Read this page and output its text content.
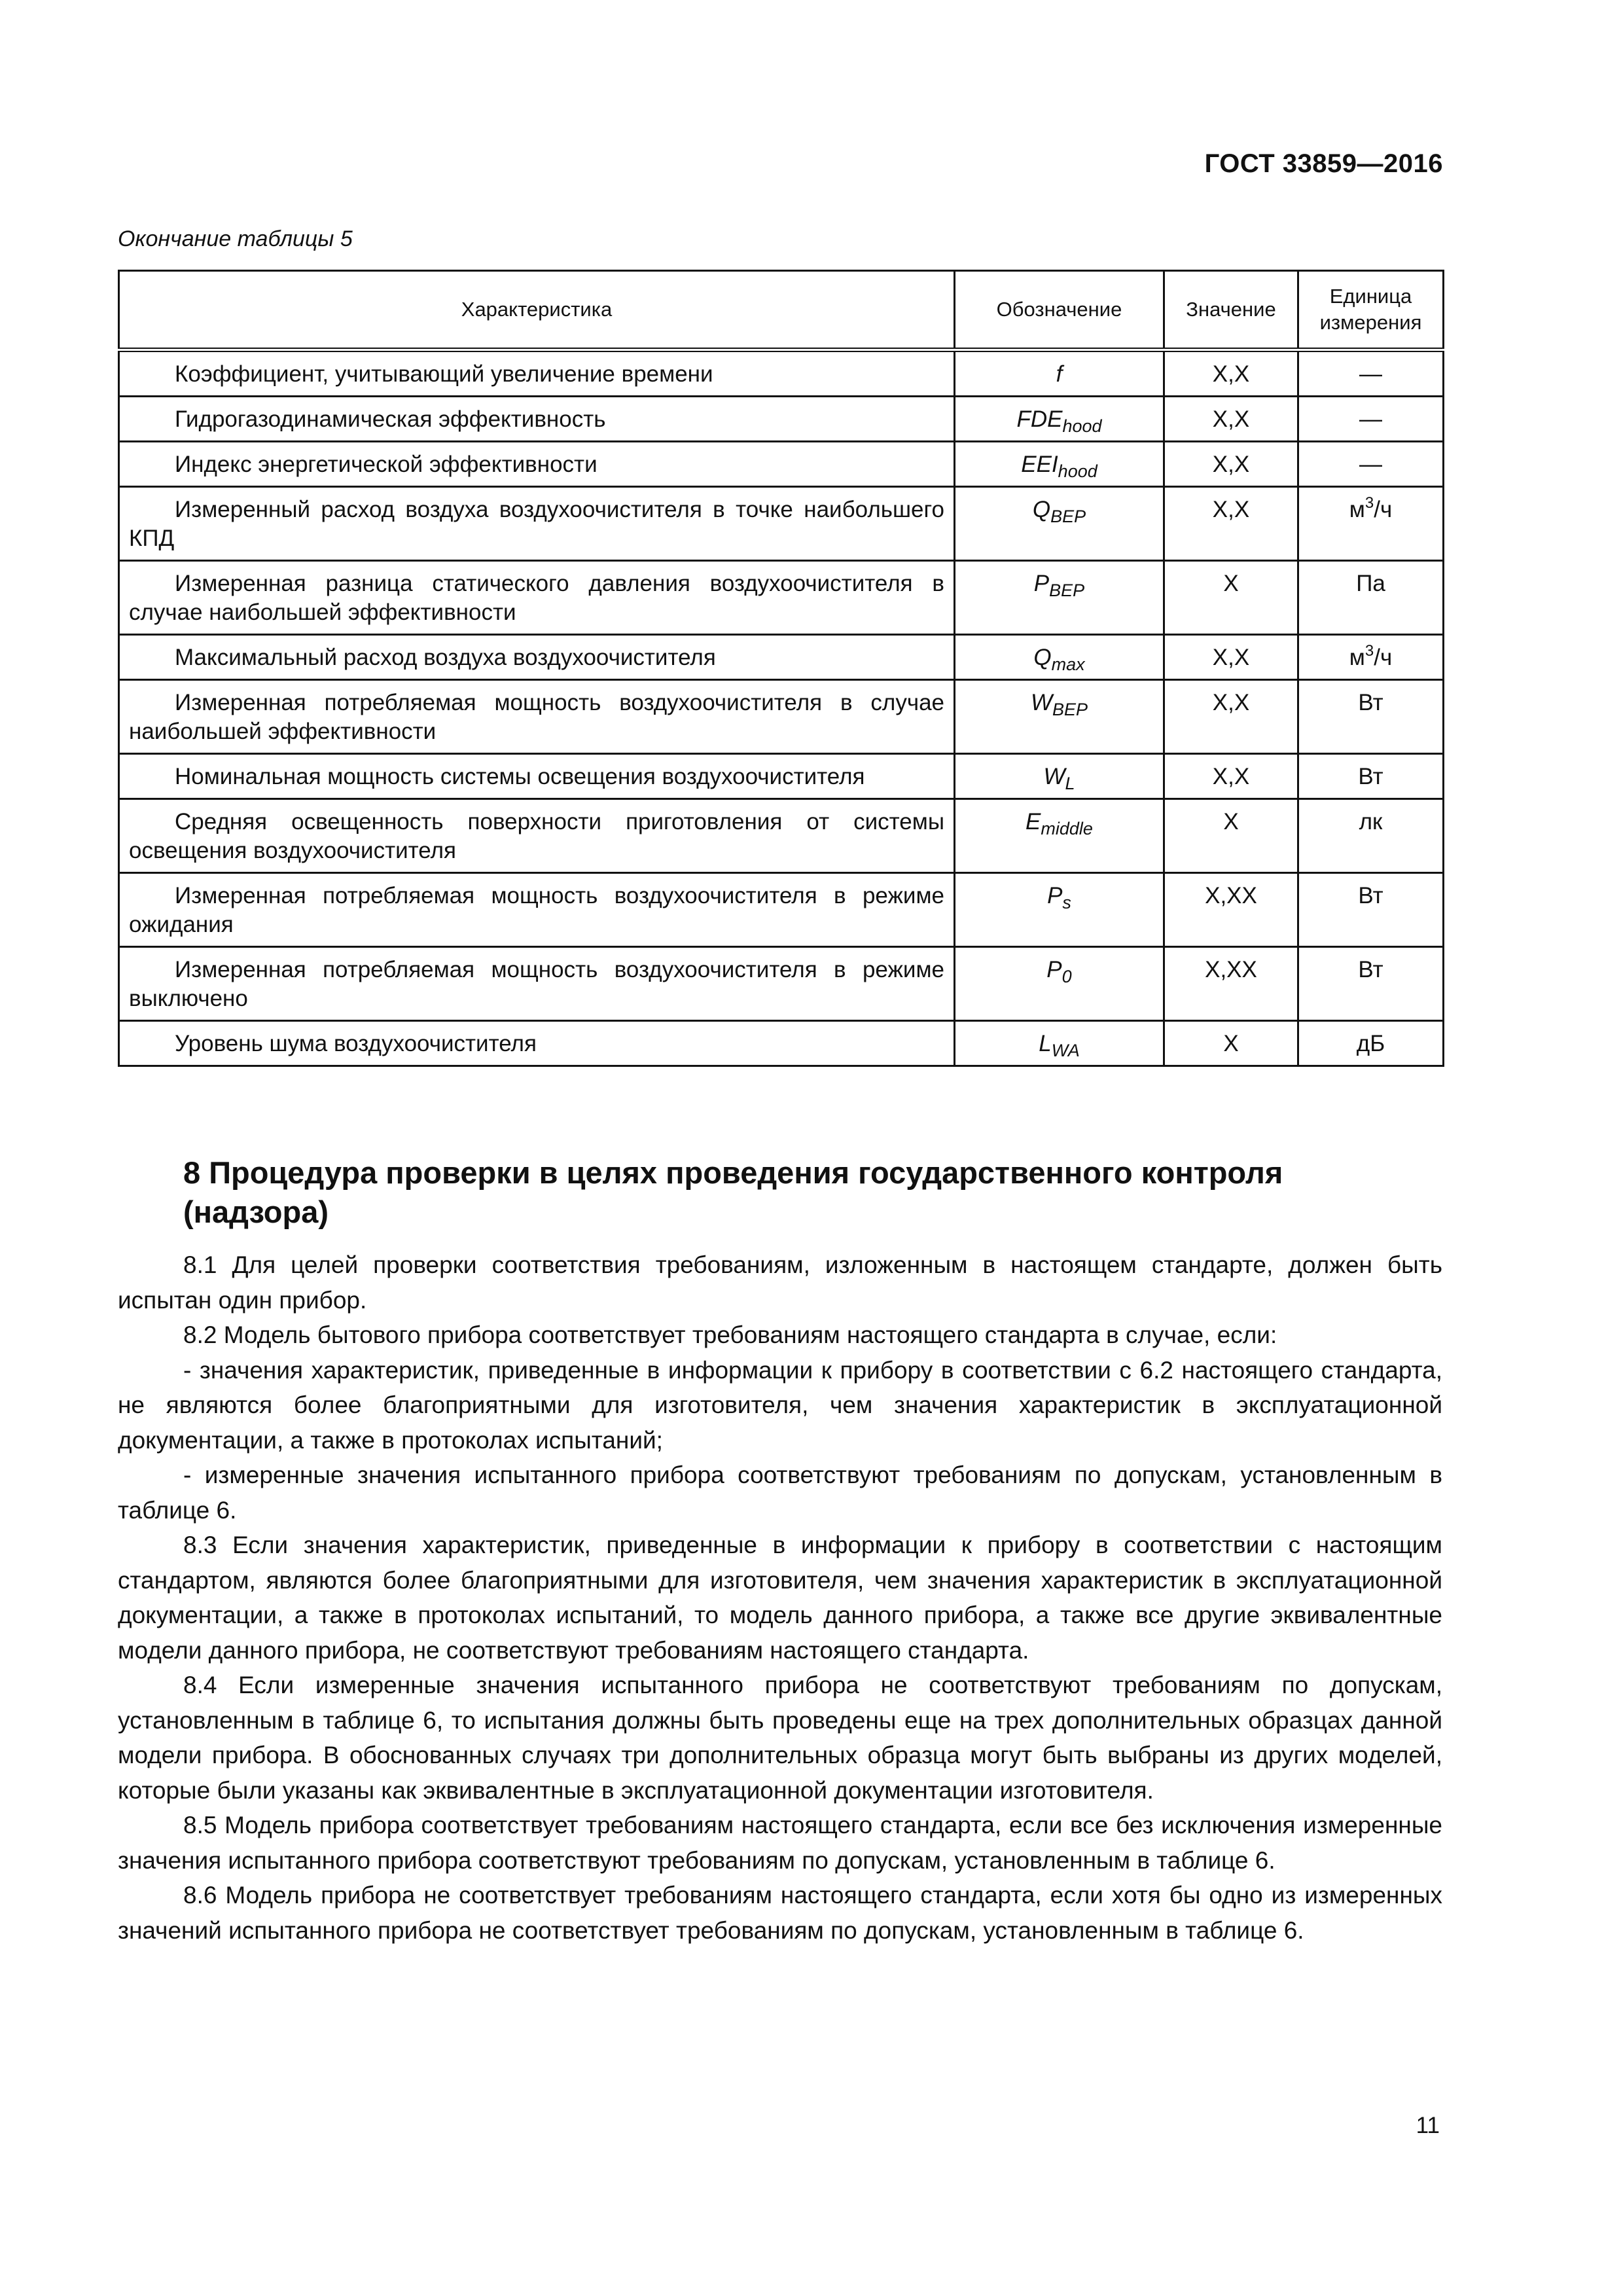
ГОСТ 33859—2016
Окончание таблицы 5
Характеристика	Обозначение	Значение	Единица измерения
Коэффициент, учитывающий увеличение времени	f	Х,Х	—
Гидрогазодинамическая эффективность	$FDE_{hood}$	Х,Х	—
Индекс энергетической эффективности	$EEI_{hood}$	Х,Х	—
Измеренный расход воздуха воздухоочистителя в точке наибольшего КПД	$Q_{BEP}$	Х,Х	$м^3/ч$
Измеренная разница статического давления воздухоочистителя в случае наибольшей эффективности	$P_{BEP}$	Х	Па
Максимальный расход воздуха воздухоочистителя	$Q_{max}$	Х,Х	$м^3/ч$
Измеренная потребляемая мощность воздухоочистителя в случае наибольшей эффективности	$W_{BEP}$	Х,Х	Вт
Номинальная мощность системы освещения воздухоочистителя	$W_L$	Х,Х	Вт
Средняя освещенность поверхности приготовления от системы освещения воздухоочистителя	$E_{middle}$	Х	лк
Измеренная потребляемая мощность воздухоочистителя в режиме ожидания	$P_s$	Х,ХХ	Вт
Измеренная потребляемая мощность воздухоочистителя в режиме выключено	$P_0$	Х,ХХ	Вт
Уровень шума воздухоочистителя	$L_{WA}$	Х	дБ
8 Процедура проверки в целях проведения государственного контроля (надзора)

8.1 Для целей проверки соответствия требованиям, изложенным в настоящем стандарте, должен быть испытан один прибор.

8.2 Модель бытового прибора соответствует требованиям настоящего стандарта в случае, если:

- значения характеристик, приведенные в информации к прибору в соответствии с 6.2 настоящего стандарта, не являются более благоприятными для изготовителя, чем значения характеристик в эксплуатационной документации, а также в протоколах испытаний;

- измеренные значения испытанного прибора соответствуют требованиям по допускам, установленным в таблице 6.

8.3 Если значения характеристик, приведенные в информации к прибору в соответствии с настоящим стандартом, являются более благоприятными для изготовителя, чем значения характеристик в эксплуатационной документации, а также в протоколах испытаний, то модель данного прибора, а также все другие эквивалентные модели данного прибора, не соответствуют требованиям настоящего стандарта.

8.4 Если измеренные значения испытанного прибора не соответствуют требованиям по допускам, установленным в таблице 6, то испытания должны быть проведены еще на трех дополнительных образцах данной модели прибора. В обоснованных случаях три дополнительных образца могут быть выбраны из других моделей, которые были указаны как эквивалентные в эксплуатационной документации изготовителя.

8.5 Модель прибора соответствует требованиям настоящего стандарта, если все без исключения измеренные значения испытанного прибора соответствуют требованиям по допускам, установленным в таблице 6.

8.6 Модель прибора не соответствует требованиям настоящего стандарта, если хотя бы одно из измеренных значений испытанного прибора не соответствует требованиям по допускам, установленным в таблице 6.

11
